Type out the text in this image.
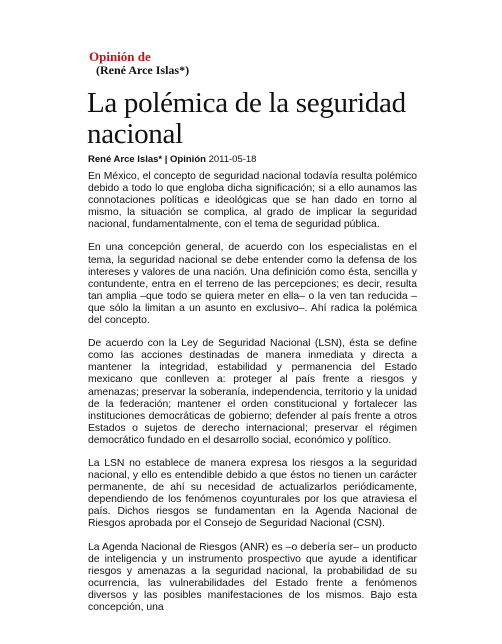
Opinión de
(René Arce Islas*)
La polémica de la seguridad nacional
René Arce Islas* | Opinión 2011-05-18

En México, el concepto de seguridad nacional todavía resulta polémico debido a todo lo que engloba dicha significación; si a ello aunamos las connotaciones políticas e ideológicas que se han dado en torno al mismo, la situación se complica, al grado de implicar la seguridad nacional, fundamentalmente, con el tema de seguridad pública.

En una concepción general, de acuerdo con los especialistas en el tema, la seguridad nacional se debe entender como la defensa de los intereses y valores de una nación. Una definición como ésta, sencilla y contundente, entra en el terreno de las percepciones; es decir, resulta tan amplia –que todo se quiera meter en ella– o la ven tan reducida –que sólo la limitan a un asunto en exclusivo–. Ahí radica la polémica del concepto.

De acuerdo con la Ley de Seguridad Nacional (LSN), ésta se define como las acciones destinadas de manera inmediata y directa a mantener la integridad, estabilidad y permanencia del Estado mexicano que conlleven a: proteger al país frente a riesgos y amenazas; preservar la soberanía, independencia, territorio y la unidad de la federación; mantener el orden constitucional y fortalecer las instituciones democráticas de gobierno; defender al país frente a otros Estados o sujetos de derecho internacional; preservar el régimen democrático fundado en el desarrollo social, económico y político.

La LSN no establece de manera expresa los riesgos a la seguridad nacional, y ello es entendible debido a que éstos no tienen un carácter permanente, de ahí su necesidad de actualizarlos periódicamente, dependiendo de los fenómenos coyunturales por los que atraviesa el país. Dichos riesgos se fundamentan en la Agenda Nacional de Riesgos aprobada por el Consejo de Seguridad Nacional (CSN).

La Agenda Nacional de Riesgos (ANR) es –o debería ser– un producto de inteligencia y un instrumento prospectivo que ayude a identificar riesgos y amenazas a la seguridad nacional, la probabilidad de su ocurrencia, las vulnerabilidades del Estado frente a fenómenos diversos y las posibles manifestaciones de los mismos. Bajo esta concepción, una
